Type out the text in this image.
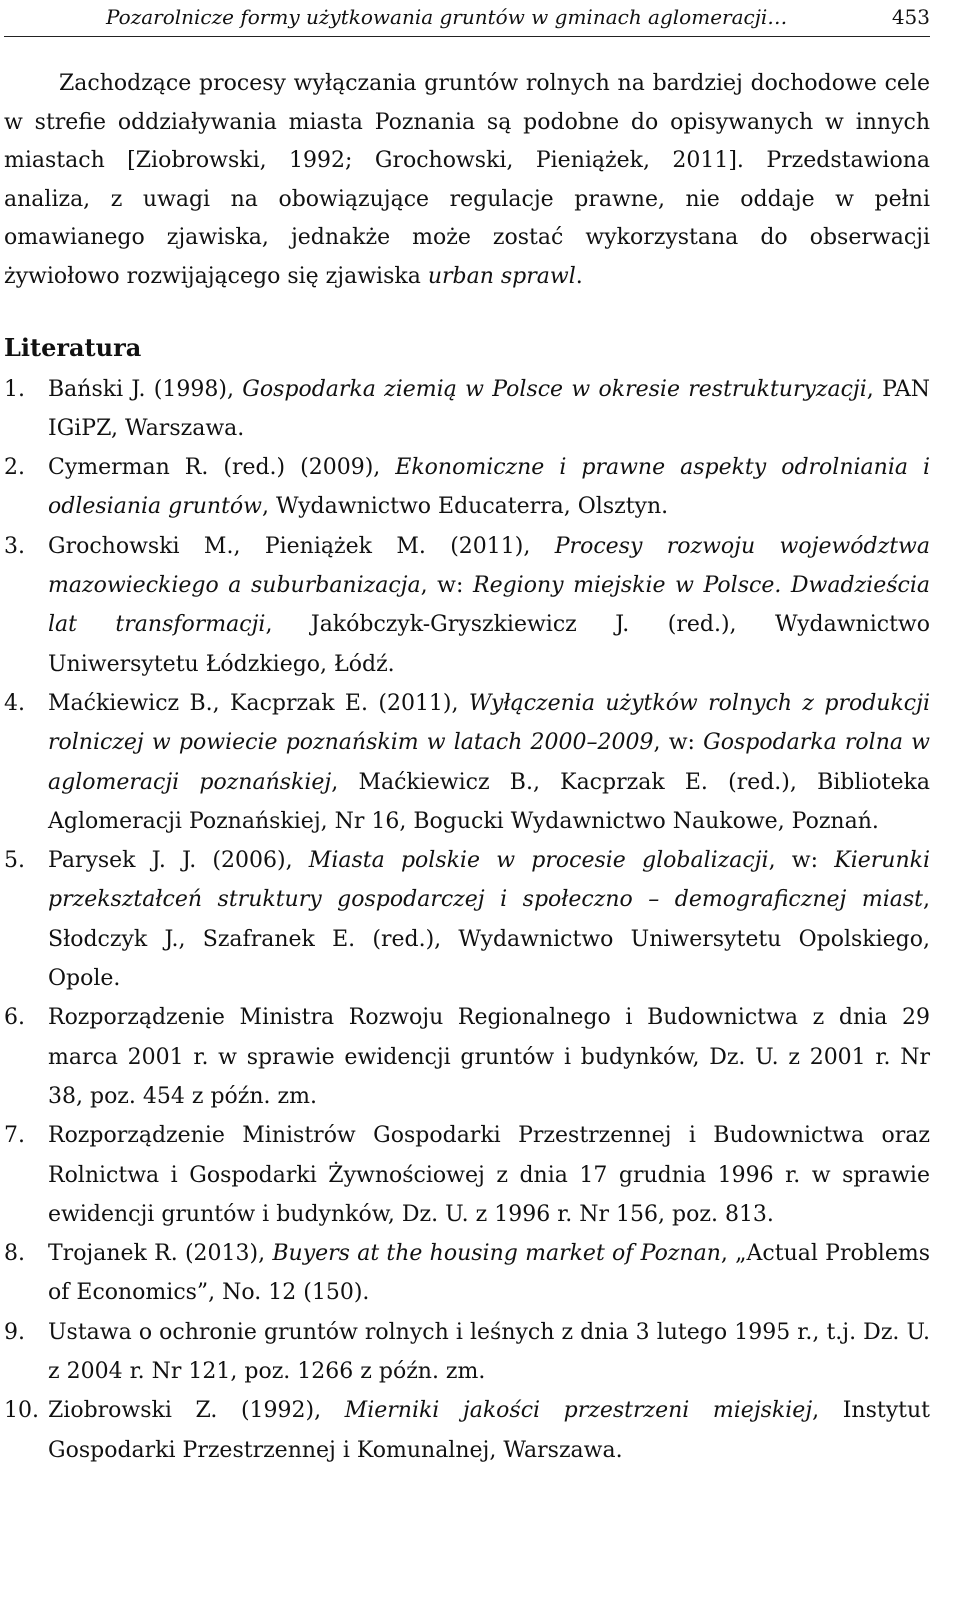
Pozarolnicze formy użytkowania gruntów w gminach aglomeracji…	453

Zachodzące procesy wyłączania gruntów rolnych na bardziej dochodowe cele w strefie oddziaływania miasta Poznania są podobne do opisywanych w innych miastach [Ziobrowski, 1992; Grochowski, Pieniążek, 2011]. Przedstawiona analiza, z uwagi na obowiązujące regulacje prawne, nie oddaje w pełni omawianego zjawiska, jednakże może zostać wykorzystana do obserwacji żywiołowo rozwijającego się zjawiska urban sprawl.

Literatura
1. Bański J. (1998), Gospodarka ziemią w Polsce w okresie restrukturyzacji, PAN IGiPZ, Warszawa.
2. Cymerman R. (red.) (2009), Ekonomiczne i prawne aspekty odrolniania i odlesiania gruntów, Wydawnictwo Educaterra, Olsztyn.
3. Grochowski M., Pieniążek M. (2011), Procesy rozwoju województwa mazowieckiego a suburbanizacja, w: Regiony miejskie w Polsce. Dwadzieścia lat transformacji, Jakóbczyk-Gryszkiewicz J. (red.), Wydawnictwo Uniwersytetu Łódzkiego, Łódź.
4. Maćkiewicz B., Kacprzak E. (2011), Wyłączenia użytków rolnych z produkcji rolniczej w powiecie poznańskim w latach 2000–2009, w: Gospodarka rolna w aglomeracji poznańskiej, Maćkiewicz B., Kacprzak E. (red.), Biblioteka Aglomeracji Poznańskiej, Nr 16, Bogucki Wydawnictwo Naukowe, Poznań.
5. Parysek J. J. (2006), Miasta polskie w procesie globalizacji, w: Kierunki przekształceń struktury gospodarczej i społeczno – demograficznej miast, Słodczyk J., Szafranek E. (red.), Wydawnictwo Uniwersytetu Opolskiego, Opole.
6. Rozporządzenie Ministra Rozwoju Regionalnego i Budownictwa z dnia 29 marca 2001 r. w sprawie ewidencji gruntów i budynków, Dz. U. z 2001 r. Nr 38, poz. 454 z późn. zm.
7. Rozporządzenie Ministrów Gospodarki Przestrzennej i Budownictwa oraz Rolnictwa i Gospodarki Żywnościowej z dnia 17 grudnia 1996 r. w sprawie ewidencji gruntów i budynków, Dz. U. z 1996 r. Nr 156, poz. 813.
8. Trojanek R. (2013), Buyers at the housing market of Poznan, „Actual Problems of Economics”, No. 12 (150).
9. Ustawa o ochronie gruntów rolnych i leśnych z dnia 3 lutego 1995 r., t.j. Dz. U. z 2004 r. Nr 121, poz. 1266 z późn. zm.
10. Ziobrowski Z. (1992), Mierniki jakości przestrzeni miejskiej, Instytut Gospodarki Przestrzennej i Komunalnej, Warszawa.
